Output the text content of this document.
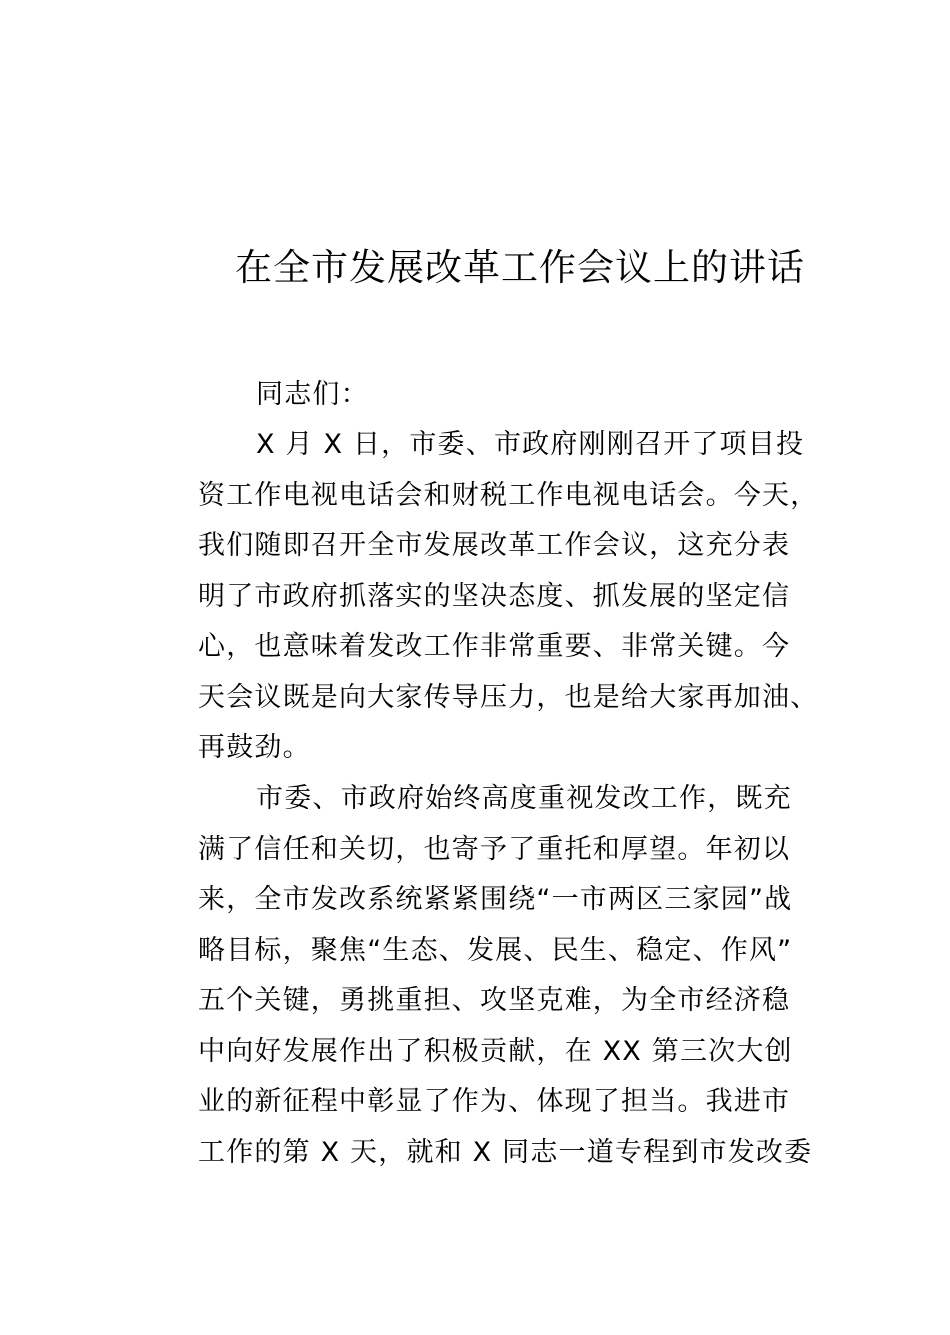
在全市发展改革工作会议上的讲话
同志们：
X 月 X 日，市委、市政府刚刚召开了项目投
资工作电视电话会和财税工作电视电话会。今天，
我们随即召开全市发展改革工作会议，这充分表
明了市政府抓落实的坚决态度、抓发展的坚定信
心，也意味着发改工作非常重要、非常关键。今
天会议既是向大家传导压力，也是给大家再加油、
再鼓劲。
市委、市政府始终高度重视发改工作，既充
满了信任和关切，也寄予了重托和厚望。年初以
来，全市发改系统紧紧围绕“一市两区三家园”战
略目标，聚焦“生态、发展、民生、稳定、作风”
五个关键，勇挑重担、攻坚克难，为全市经济稳
中向好发展作出了积极贡献，在 XX 第三次大创
业的新征程中彰显了作为、体现了担当。我进市
工作的第 X 天，就和 X 同志一道专程到市发改委
